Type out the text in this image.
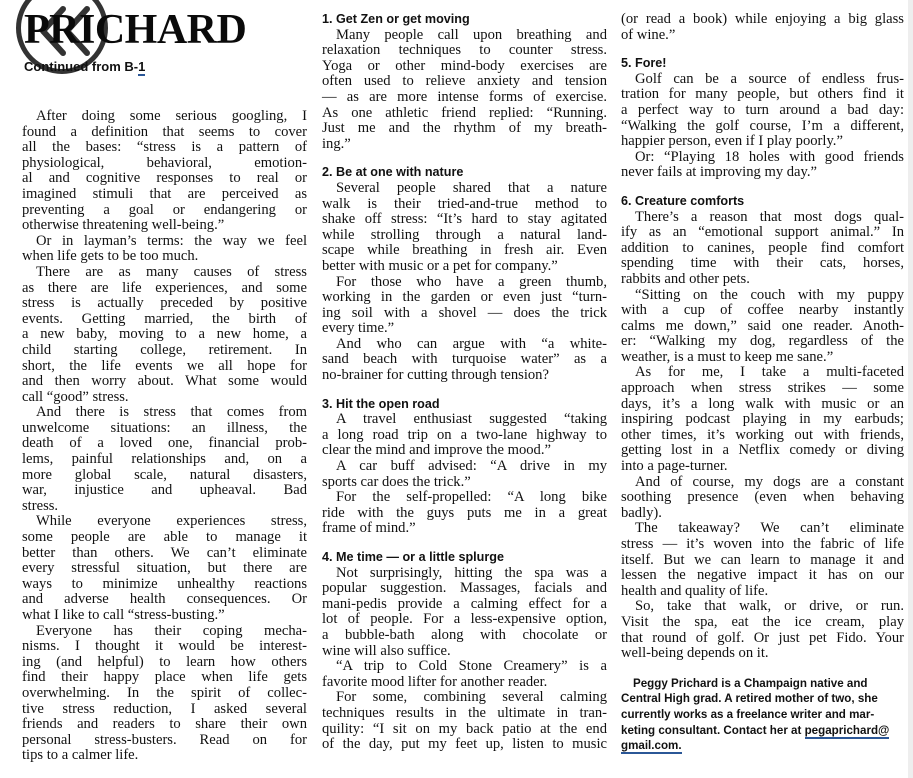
PRICHARD
Continued from B-1
After doing some serious googling, I
found a definition that seems to cover
all the bases: “stress is a pattern of
physiological, behavioral, emotion-
al and cognitive responses to real or
imagined stimuli that are perceived as
preventing a goal or endangering or
otherwise threatening well-being.”
Or in layman’s terms: the way we feel
when life gets to be too much.
There are as many causes of stress
as there are life experiences, and some
stress is actually preceded by positive
events. Getting married, the birth of
a new baby, moving to a new home, a
child starting college, retirement. In
short, the life events we all hope for
and then worry about. What some would
call “good” stress.
And there is stress that comes from
unwelcome situations: an illness, the
death of a loved one, financial prob-
lems, painful relationships and, on a
more global scale, natural disasters,
war, injustice and upheaval. Bad
stress.
While everyone experiences stress,
some people are able to manage it
better than others. We can’t eliminate
every stressful situation, but there are
ways to minimize unhealthy reactions
and adverse health consequences. Or
what I like to call “stress-busting.”
Everyone has their coping mecha-
nisms. I thought it would be interest-
ing (and helpful) to learn how others
find their happy place when life gets
overwhelming. In the spirit of collec-
tive stress reduction, I asked several
friends and readers to share their own
personal stress-busters. Read on for
tips to a calmer life.
1. Get Zen or get moving
Many people call upon breathing and
relaxation techniques to counter stress.
Yoga or other mind-body exercises are
often used to relieve anxiety and tension
— as are more intense forms of exercise.
As one athletic friend replied: “Running.
Just me and the rhythm of my breath-
ing.”
2. Be at one with nature
Several people shared that a nature
walk is their tried-and-true method to
shake off stress: “It’s hard to stay agitated
while strolling through a natural land-
scape while breathing in fresh air. Even
better with music or a pet for company.”
For those who have a green thumb,
working in the garden or even just “turn-
ing soil with a shovel — does the trick
every time.”
And who can argue with “a white-
sand beach with turquoise water” as a
no-brainer for cutting through tension?
3. Hit the open road
A travel enthusiast suggested “taking
a long road trip on a two-lane highway to
clear the mind and improve the mood.”
A car buff advised: “A drive in my
sports car does the trick.”
For the self-propelled: “A long bike
ride with the guys puts me in a great
frame of mind.”
4. Me time — or a little splurge
Not surprisingly, hitting the spa was a
popular suggestion. Massages, facials and
mani-pedis provide a calming effect for a
lot of people. For a less-expensive option,
a bubble-bath along with chocolate or
wine will also suffice.
“A trip to Cold Stone Creamery” is a
favorite mood lifter for another reader.
For some, combining several calming
techniques results in the ultimate in tran-
quility: “I sit on my back patio at the end
of the day, put my feet up, listen to music
(or read a book) while enjoying a big glass
of wine.”
5. Fore!
Golf can be a source of endless frus-
tration for many people, but others find it
a perfect way to turn around a bad day:
“Walking the golf course, I’m a different,
happier person, even if I play poorly.”
Or: “Playing 18 holes with good friends
never fails at improving my day.”
6. Creature comforts
There’s a reason that most dogs qual-
ify as an “emotional support animal.” In
addition to canines, people find comfort
spending time with their cats, horses,
rabbits and other pets.
“Sitting on the couch with my puppy
with a cup of coffee nearby instantly
calms me down,” said one reader. Anoth-
er: “Walking my dog, regardless of the
weather, is a must to keep me sane.”
As for me, I take a multi-faceted
approach when stress strikes — some
days, it’s a long walk with music or an
inspiring podcast playing in my earbuds;
other times, it’s working out with friends,
getting lost in a Netflix comedy or diving
into a page-turner.
And of course, my dogs are a constant
soothing presence (even when behaving
badly).
The takeaway? We can’t eliminate
stress — it’s woven into the fabric of life
itself. But we can learn to manage it and
lessen the negative impact it has on our
health and quality of life.
So, take that walk, or drive, or run.
Visit the spa, eat the ice cream, play
that round of golf. Or just pet Fido. Your
well-being depends on it.
Peggy Prichard is a Champaign native and
Central High grad. A retired mother of two, she
currently works as a freelance writer and mar-
keting consultant. Contact her at pegaprichard@
gmail.com.
